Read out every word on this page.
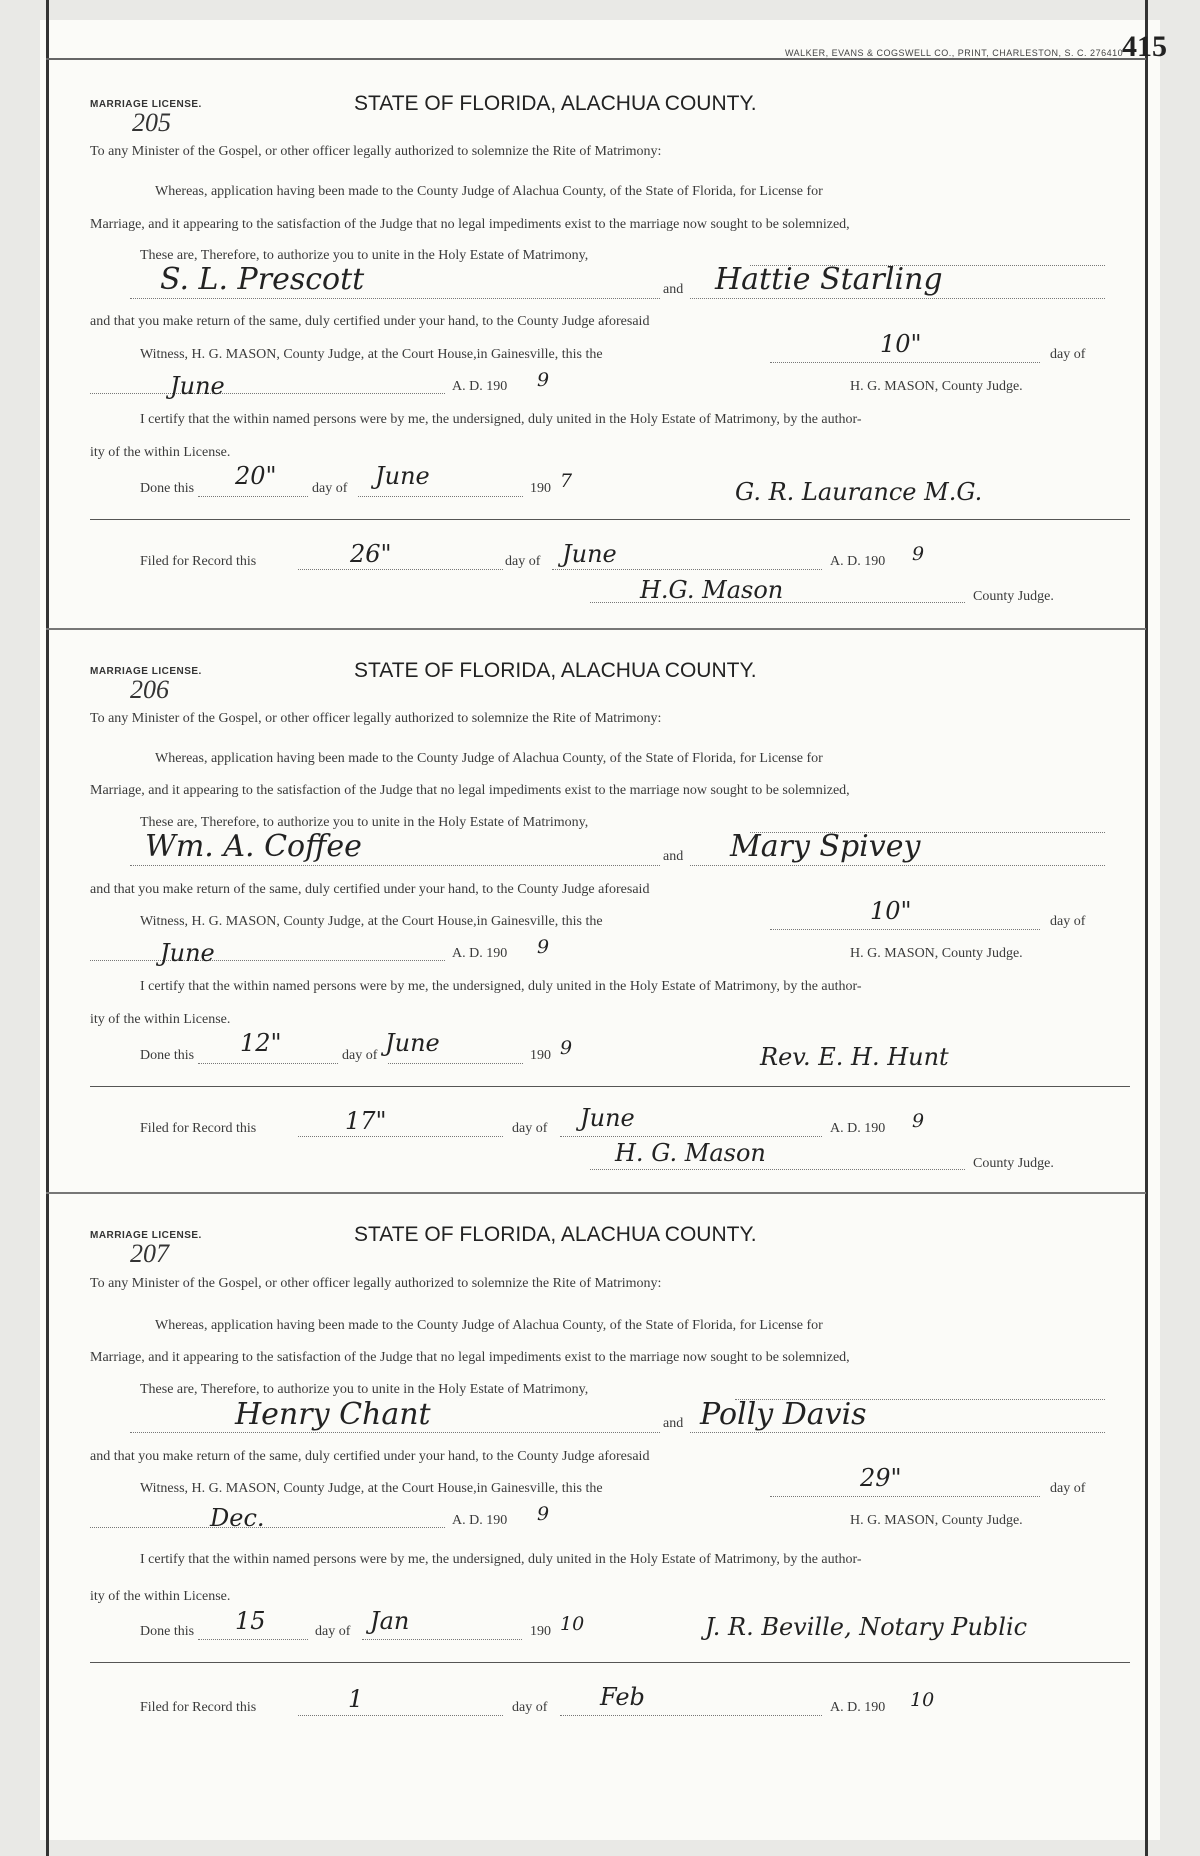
WALKER, EVANS & COGSWELL CO., PRINT, CHARLESTON, S. C. 276410
415
MARRIAGE LICENSE.
205
STATE OF FLORIDA, ALACHUA COUNTY.
To any Minister of the Gospel, or other officer legally authorized to solemnize the Rite of Matrimony:
Whereas, application having been made to the County Judge of Alachua County, of the State of Florida, for License for
Marriage, and it appearing to the satisfaction of the Judge that no legal impediments exist to the marriage now sought to be solemnized,
These are, Therefore, to authorize you to unite in the Holy Estate of Matrimony,
S. L. Prescott	and Hattie Starling
and that you make return of the same, duly certified under your hand, to the County Judge aforesaid
Witness, H. G. MASON, County Judge, at the Court House,in Gainesville, this the	10"	day of
June	A. D. 190 9	H. G. MASON, County Judge.
I certify that the within named persons were by me, the undersigned, duly united in the Holy Estate of Matrimony, by the author-
ity of the within License.
Done this 20"	day of June	190 7	G. R. Laurance M.G.
Filed for Record this	26"	day of June	A. D. 190 9
H.G. Mason	County Judge.
MARRIAGE LICENSE.
206
STATE OF FLORIDA, ALACHUA COUNTY.
To any Minister of the Gospel, or other officer legally authorized to solemnize the Rite of Matrimony:
Whereas, application having been made to the County Judge of Alachua County, of the State of Florida, for License for
Marriage, and it appearing to the satisfaction of the Judge that no legal impediments exist to the marriage now sought to be solemnized,
These are, Therefore, to authorize you to unite in the Holy Estate of Matrimony,
Wm. A. Coffee	and Mary Spivey
and that you make return of the same, duly certified under your hand, to the County Judge aforesaid
Witness, H. G. MASON, County Judge, at the Court House,in Gainesville, this the	10"	day of
June	A. D. 190 9	H. G. MASON, County Judge.
I certify that the within named persons were by me, the undersigned, duly united in the Holy Estate of Matrimony, by the author-
ity of the within License.
Done this 12"	day of June	190 9	Rev. E. H. Hunt
Filed for Record this	17"	day of June	A. D. 190 9
H. G. Mason	County Judge.
MARRIAGE LICENSE.
207
STATE OF FLORIDA, ALACHUA COUNTY.
To any Minister of the Gospel, or other officer legally authorized to solemnize the Rite of Matrimony:
Whereas, application having been made to the County Judge of Alachua County, of the State of Florida, for License for
Marriage, and it appearing to the satisfaction of the Judge that no legal impediments exist to the marriage now sought to be solemnized,
These are, Therefore, to authorize you to unite in the Holy Estate of Matrimony,
Henry Chant	and Polly Davis
and that you make return of the same, duly certified under your hand, to the County Judge aforesaid
Witness, H. G. MASON, County Judge, at the Court House,in Gainesville, this the	29"	day of
Dec.	A. D. 190 9	H. G. MASON, County Judge.
I certify that the within named persons were by me, the undersigned, duly united in the Holy Estate of Matrimony, by the author-
ity of the within License.
Done this 15	day of Jan	190 10	J. R. Beville, Notary Public
Filed for Record this	1	day of Feb	A. D. 190 10
